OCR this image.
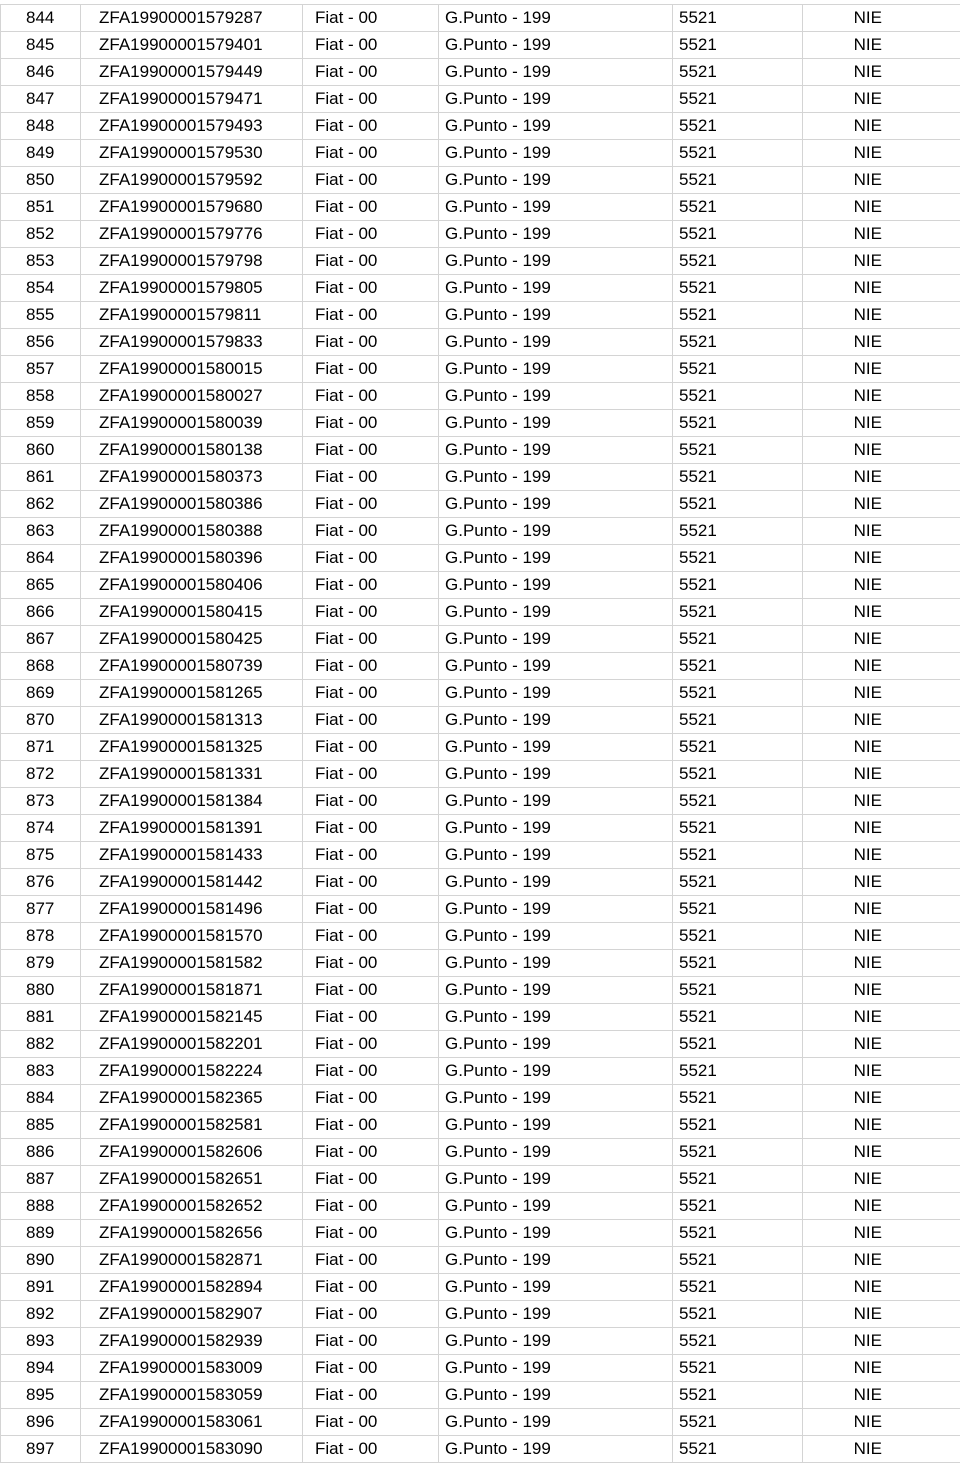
844	ZFA19900001579287	Fiat - 00	G.Punto - 199	5521	NIE
845	ZFA19900001579401	Fiat - 00	G.Punto - 199	5521	NIE
846	ZFA19900001579449	Fiat - 00	G.Punto - 199	5521	NIE
847	ZFA19900001579471	Fiat - 00	G.Punto - 199	5521	NIE
848	ZFA19900001579493	Fiat - 00	G.Punto - 199	5521	NIE
849	ZFA19900001579530	Fiat - 00	G.Punto - 199	5521	NIE
850	ZFA19900001579592	Fiat - 00	G.Punto - 199	5521	NIE
851	ZFA19900001579680	Fiat - 00	G.Punto - 199	5521	NIE
852	ZFA19900001579776	Fiat - 00	G.Punto - 199	5521	NIE
853	ZFA19900001579798	Fiat - 00	G.Punto - 199	5521	NIE
854	ZFA19900001579805	Fiat - 00	G.Punto - 199	5521	NIE
855	ZFA19900001579811	Fiat - 00	G.Punto - 199	5521	NIE
856	ZFA19900001579833	Fiat - 00	G.Punto - 199	5521	NIE
857	ZFA19900001580015	Fiat - 00	G.Punto - 199	5521	NIE
858	ZFA19900001580027	Fiat - 00	G.Punto - 199	5521	NIE
859	ZFA19900001580039	Fiat - 00	G.Punto - 199	5521	NIE
860	ZFA19900001580138	Fiat - 00	G.Punto - 199	5521	NIE
861	ZFA19900001580373	Fiat - 00	G.Punto - 199	5521	NIE
862	ZFA19900001580386	Fiat - 00	G.Punto - 199	5521	NIE
863	ZFA19900001580388	Fiat - 00	G.Punto - 199	5521	NIE
864	ZFA19900001580396	Fiat - 00	G.Punto - 199	5521	NIE
865	ZFA19900001580406	Fiat - 00	G.Punto - 199	5521	NIE
866	ZFA19900001580415	Fiat - 00	G.Punto - 199	5521	NIE
867	ZFA19900001580425	Fiat - 00	G.Punto - 199	5521	NIE
868	ZFA19900001580739	Fiat - 00	G.Punto - 199	5521	NIE
869	ZFA19900001581265	Fiat - 00	G.Punto - 199	5521	NIE
870	ZFA19900001581313	Fiat - 00	G.Punto - 199	5521	NIE
871	ZFA19900001581325	Fiat - 00	G.Punto - 199	5521	NIE
872	ZFA19900001581331	Fiat - 00	G.Punto - 199	5521	NIE
873	ZFA19900001581384	Fiat - 00	G.Punto - 199	5521	NIE
874	ZFA19900001581391	Fiat - 00	G.Punto - 199	5521	NIE
875	ZFA19900001581433	Fiat - 00	G.Punto - 199	5521	NIE
876	ZFA19900001581442	Fiat - 00	G.Punto - 199	5521	NIE
877	ZFA19900001581496	Fiat - 00	G.Punto - 199	5521	NIE
878	ZFA19900001581570	Fiat - 00	G.Punto - 199	5521	NIE
879	ZFA19900001581582	Fiat - 00	G.Punto - 199	5521	NIE
880	ZFA19900001581871	Fiat - 00	G.Punto - 199	5521	NIE
881	ZFA19900001582145	Fiat - 00	G.Punto - 199	5521	NIE
882	ZFA19900001582201	Fiat - 00	G.Punto - 199	5521	NIE
883	ZFA19900001582224	Fiat - 00	G.Punto - 199	5521	NIE
884	ZFA19900001582365	Fiat - 00	G.Punto - 199	5521	NIE
885	ZFA19900001582581	Fiat - 00	G.Punto - 199	5521	NIE
886	ZFA19900001582606	Fiat - 00	G.Punto - 199	5521	NIE
887	ZFA19900001582651	Fiat - 00	G.Punto - 199	5521	NIE
888	ZFA19900001582652	Fiat - 00	G.Punto - 199	5521	NIE
889	ZFA19900001582656	Fiat - 00	G.Punto - 199	5521	NIE
890	ZFA19900001582871	Fiat - 00	G.Punto - 199	5521	NIE
891	ZFA19900001582894	Fiat - 00	G.Punto - 199	5521	NIE
892	ZFA19900001582907	Fiat - 00	G.Punto - 199	5521	NIE
893	ZFA19900001582939	Fiat - 00	G.Punto - 199	5521	NIE
894	ZFA19900001583009	Fiat - 00	G.Punto - 199	5521	NIE
895	ZFA19900001583059	Fiat - 00	G.Punto - 199	5521	NIE
896	ZFA19900001583061	Fiat - 00	G.Punto - 199	5521	NIE
897	ZFA19900001583090	Fiat - 00	G.Punto - 199	5521	NIE
